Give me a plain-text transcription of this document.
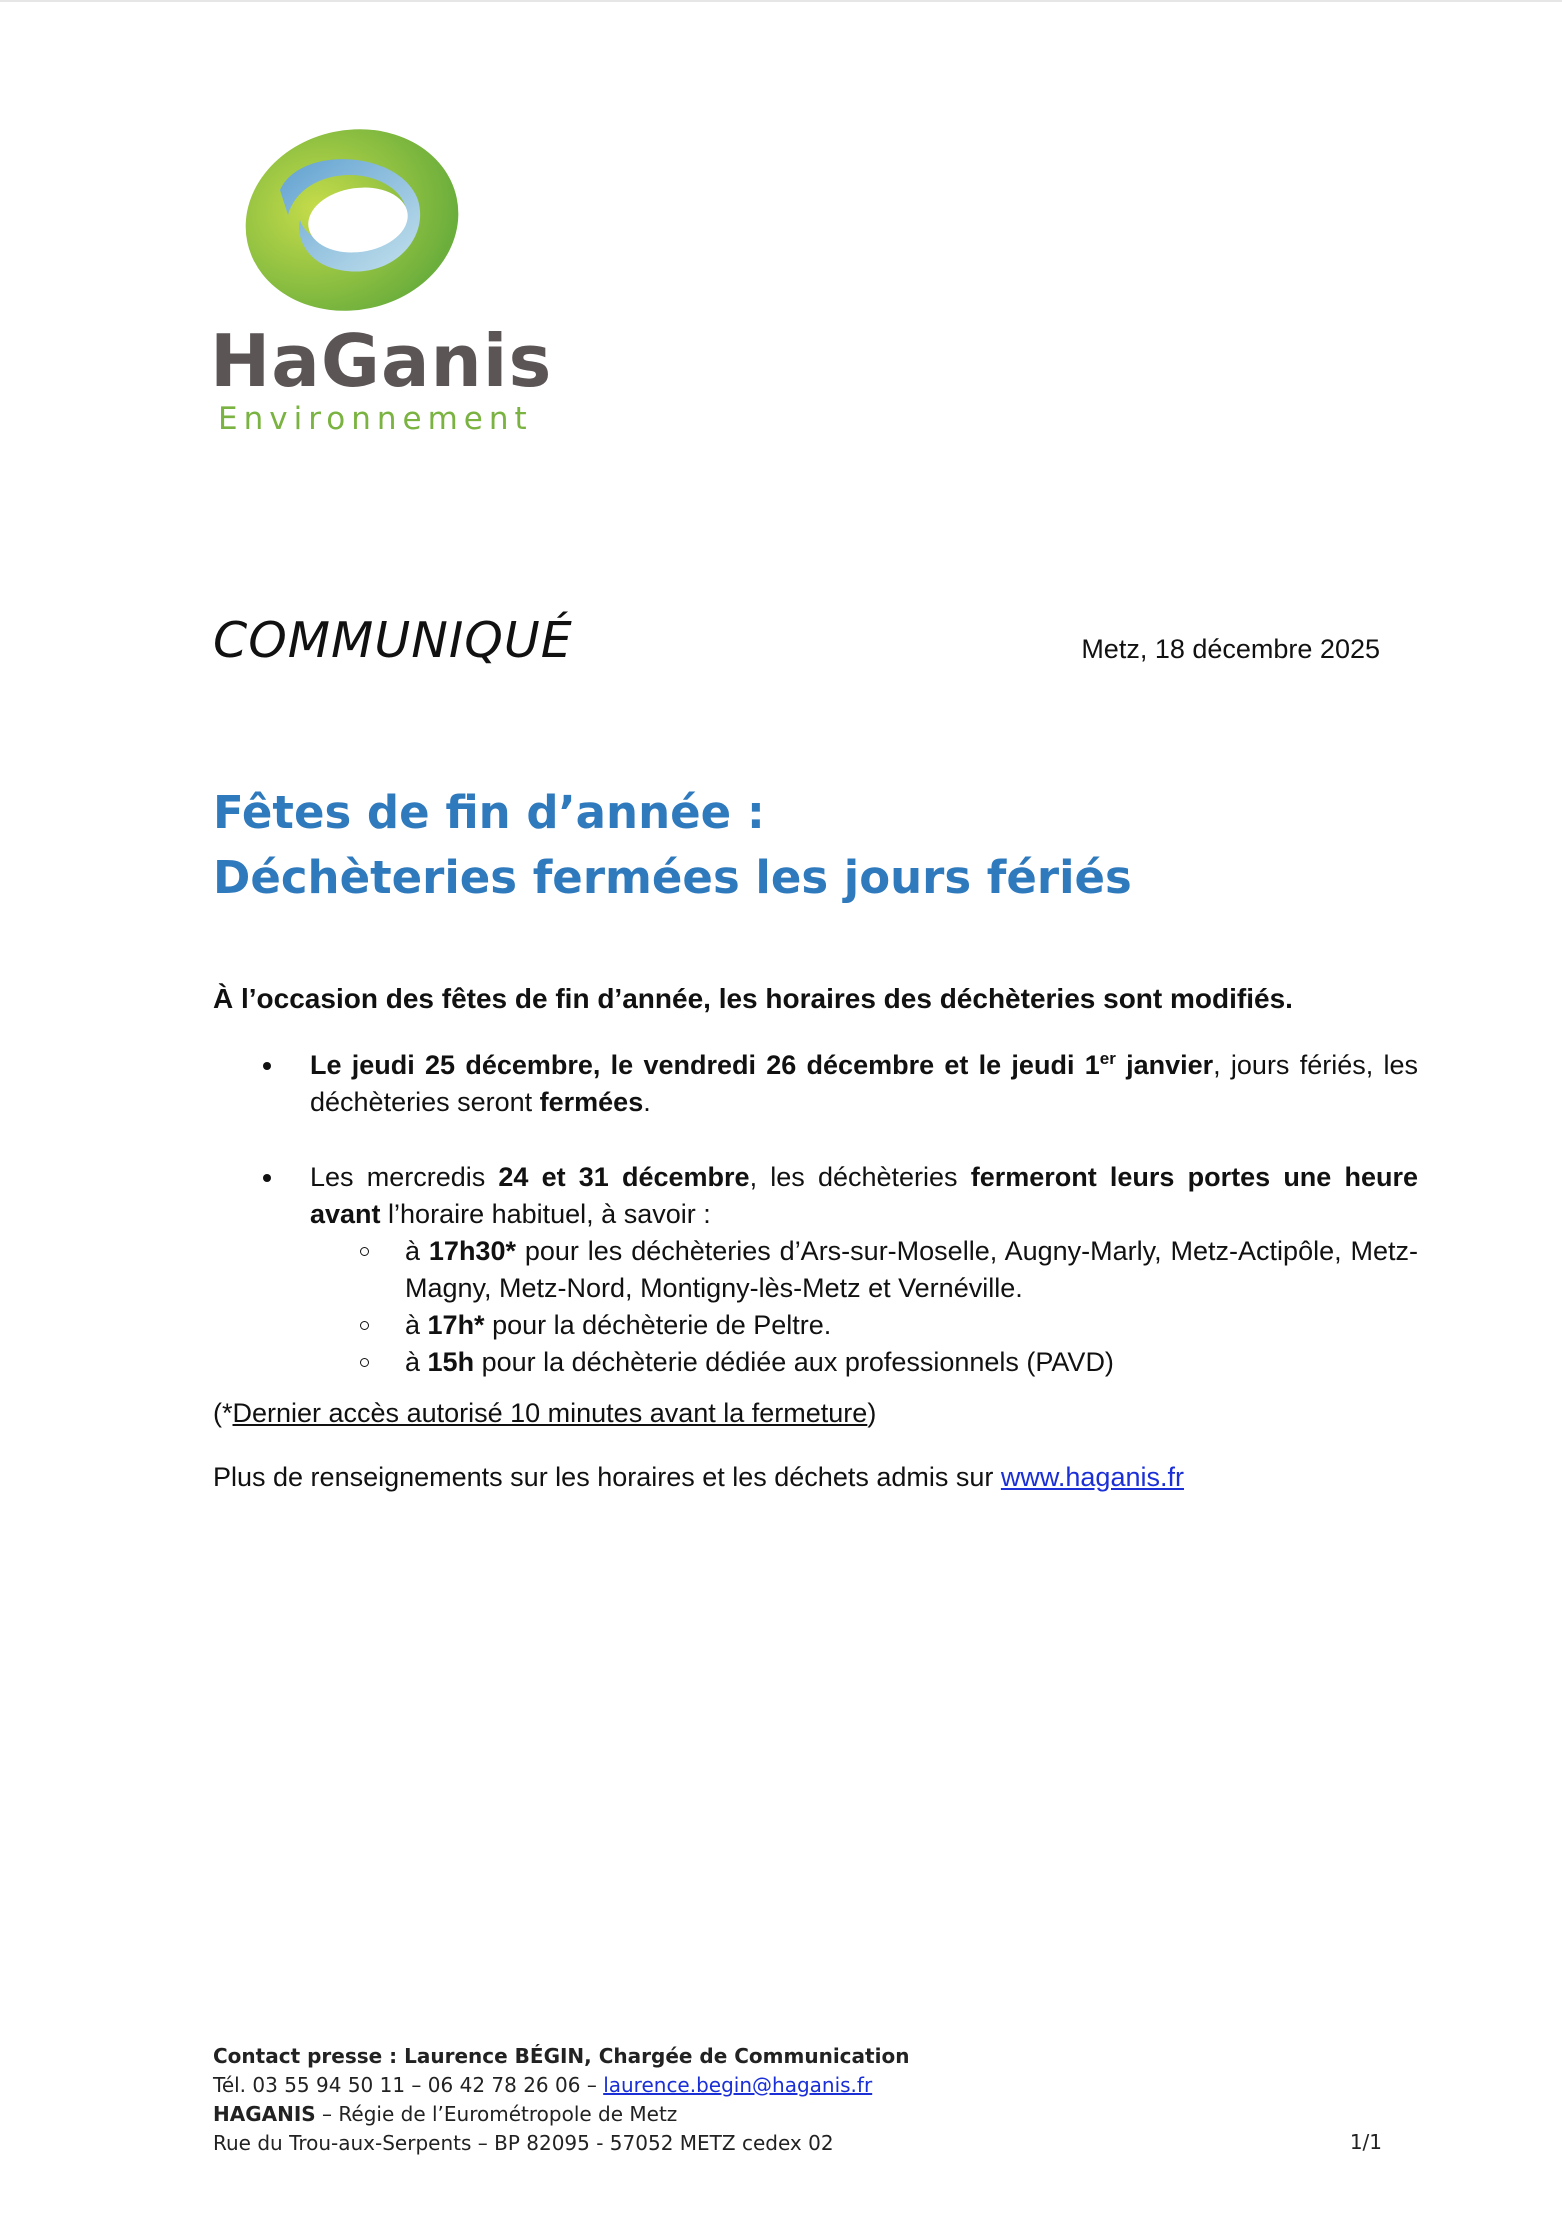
HaGanis
Environnement
COMMUNIQUÉ	Metz, 18 décembre 2025
Fêtes de fin d’année :
Déchèteries fermées les jours fériés

À l’occasion des fêtes de fin d’année, les horaires des déchèteries sont modifiés.

Le jeudi 25 décembre, le vendredi 26 décembre et le jeudi 1er janvier, jours fériés, les déchèteries seront fermées.
Les mercredis 24 et 31 décembre, les déchèteries fermeront leurs portes une heure avant l’horaire habituel, à savoir :
à 17h30* pour les déchèteries d’Ars-sur-Moselle, Augny-Marly, Metz-Actipôle, Metz-Magny, Metz-Nord, Montigny-lès-Metz et Vernéville.
à 17h* pour la déchèterie de Peltre.
à 15h pour la déchèterie dédiée aux professionnels (PAVD)
(*Dernier accès autorisé 10 minutes avant la fermeture)
Plus de renseignements sur les horaires et les déchets admis sur www.haganis.fr
Contact presse : Laurence BÉGIN, Chargée de Communication
Tél. 03 55 94 50 11 – 06 42 78 26 06 – laurence.begin@haganis.fr
HAGANIS – Régie de l’Eurométropole de Metz
Rue du Trou-aux-Serpents – BP 82095 - 57052 METZ cedex 02	1/1
